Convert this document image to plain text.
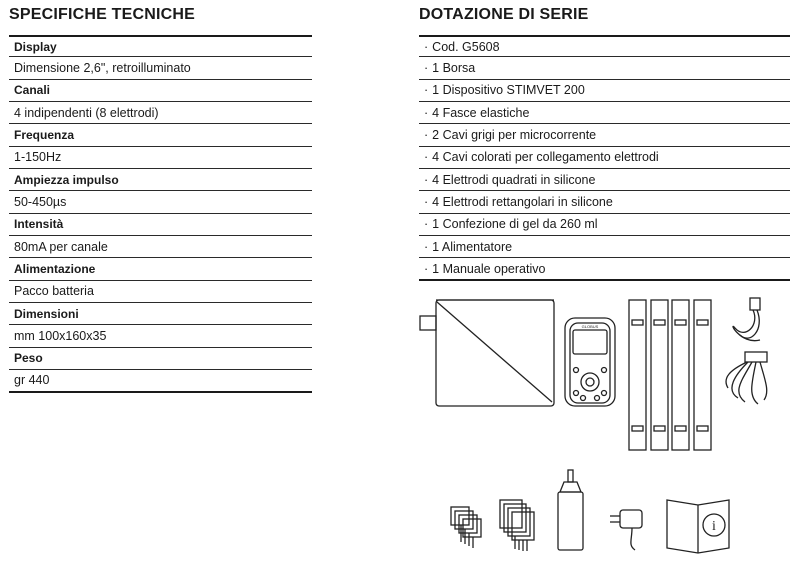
SPECIFICHE TECNICHE	DOTAZIONE DI SERIE
Display
Dimensione 2,6", retroilluminato
Canali
4 indipendenti (8 elettrodi)
Frequenza
1-150Hz
Ampiezza impulso
50-450µs
Intensità
80mA per canale
Alimentazione
Pacco batteria
Dimensioni
mm 100x160x35
Peso
gr 440
· Cod. G5608
· 1 Borsa
· 1 Dispositivo STIMVET 200
· 4 Fasce elastiche
· 2 Cavi grigi per microcorrente
· 4 Cavi colorati per collegamento elettrodi
· 4 Elettrodi quadrati in silicone
· 4 Elettrodi rettangolari in silicone
· 1 Confezione di gel da 260 ml
· 1 Alimentatore
· 1 Manuale operativo
GLOBUS
i
